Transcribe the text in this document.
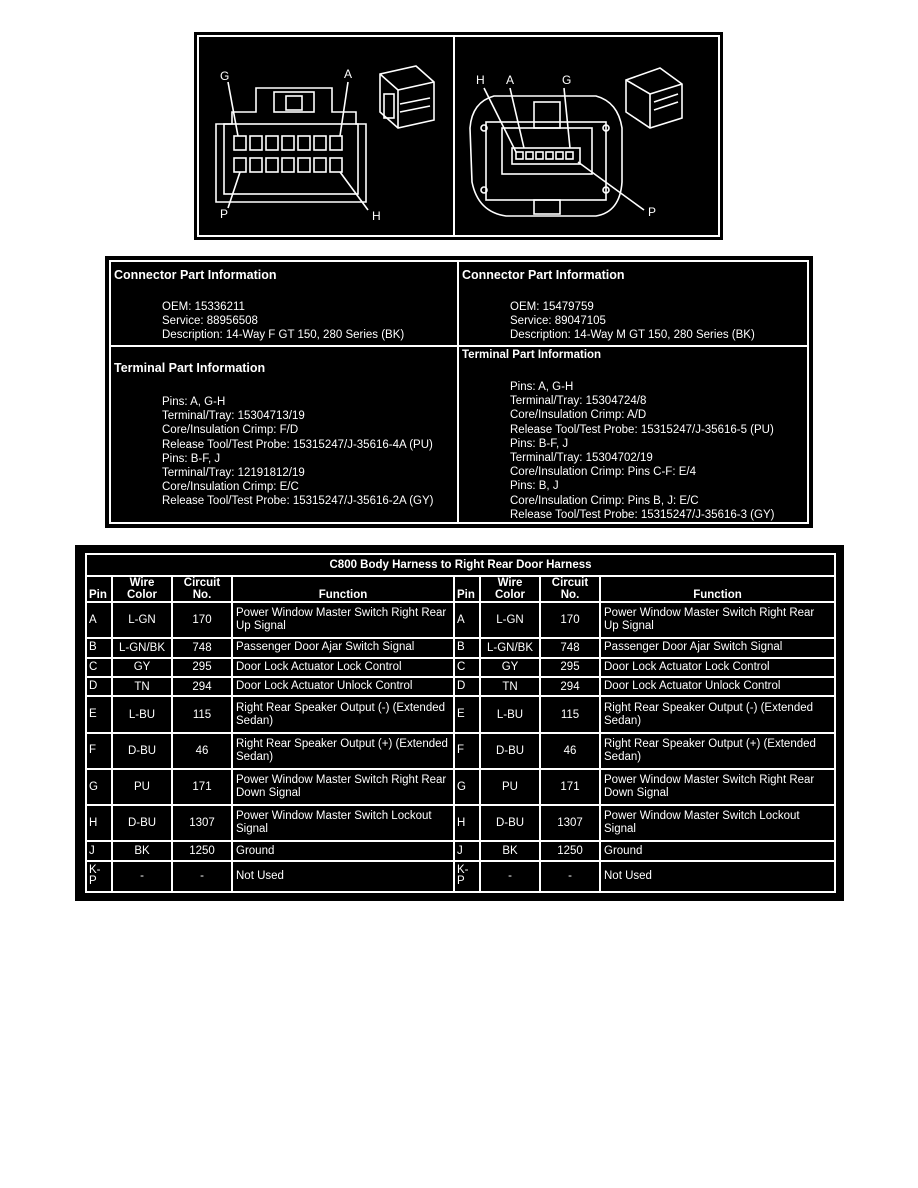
G	A
P	H
H A	G
P
Connector Part Information
OEM: 15336211
Service: 88956508
Description: 14-Way F GT 150, 280 Series (BK)
Connector Part Information
OEM: 15479759
Service: 89047105
Description: 14-Way M GT 150, 280 Series (BK)
Terminal Part Information
Pins: A, G-H
Terminal/Tray: 15304713/19
Core/Insulation Crimp: F/D
Release Tool/Test Probe: 15315247/J-35616-4A (PU)
Pins: B-F, J
Terminal/Tray: 12191812/19
Core/Insulation Crimp: E/C
Release Tool/Test Probe: 15315247/J-35616-2A (GY)
Terminal Part Information
Pins: A, G-H
Terminal/Tray: 15304724/8
Core/Insulation Crimp: A/D
Release Tool/Test Probe: 15315247/J-35616-5 (PU)
Pins: B-F, J
Terminal/Tray: 15304702/19
Core/Insulation Crimp: Pins C-F: E/4
Pins: B, J
Core/Insulation Crimp: Pins B, J: E/C
Release Tool/Test Probe: 15315247/J-35616-3 (GY)
C800 Body Harness to Right Rear Door Harness							
Pin	Wire Color	Circuit No.	Function	Pin	Wire Color	Circuit No.	Function
A	L-GN	170	Power Window Master Switch Right Rear Up Signal	A	L-GN	170	Power Window Master Switch Right Rear Up Signal
B	L-GN/BK	748	Passenger Door Ajar Switch Signal	B	L-GN/BK	748	Passenger Door Ajar Switch Signal
C	GY	295	Door Lock Actuator Lock Control	C	GY	295	Door Lock Actuator Lock Control
D	TN	294	Door Lock Actuator Unlock Control	D	TN	294	Door Lock Actuator Unlock Control
E	L-BU	115	Right Rear Speaker Output (-) (Extended Sedan)	E	L-BU	115	Right Rear Speaker Output (-) (Extended Sedan)
F	D-BU	46	Right Rear Speaker Output (+) (Extended Sedan)	F	D-BU	46	Right Rear Speaker Output (+) (Extended Sedan)
G	PU	171	Power Window Master Switch Right Rear Down Signal	G	PU	171	Power Window Master Switch Right Rear Down Signal
H	D-BU	1307	Power Window Master Switch Lockout Signal	H	D-BU	1307	Power Window Master Switch Lockout Signal
J	BK	1250	Ground	J	BK	1250	Ground
K-P	-	-	Not Used	K-P	-	-	Not Used
